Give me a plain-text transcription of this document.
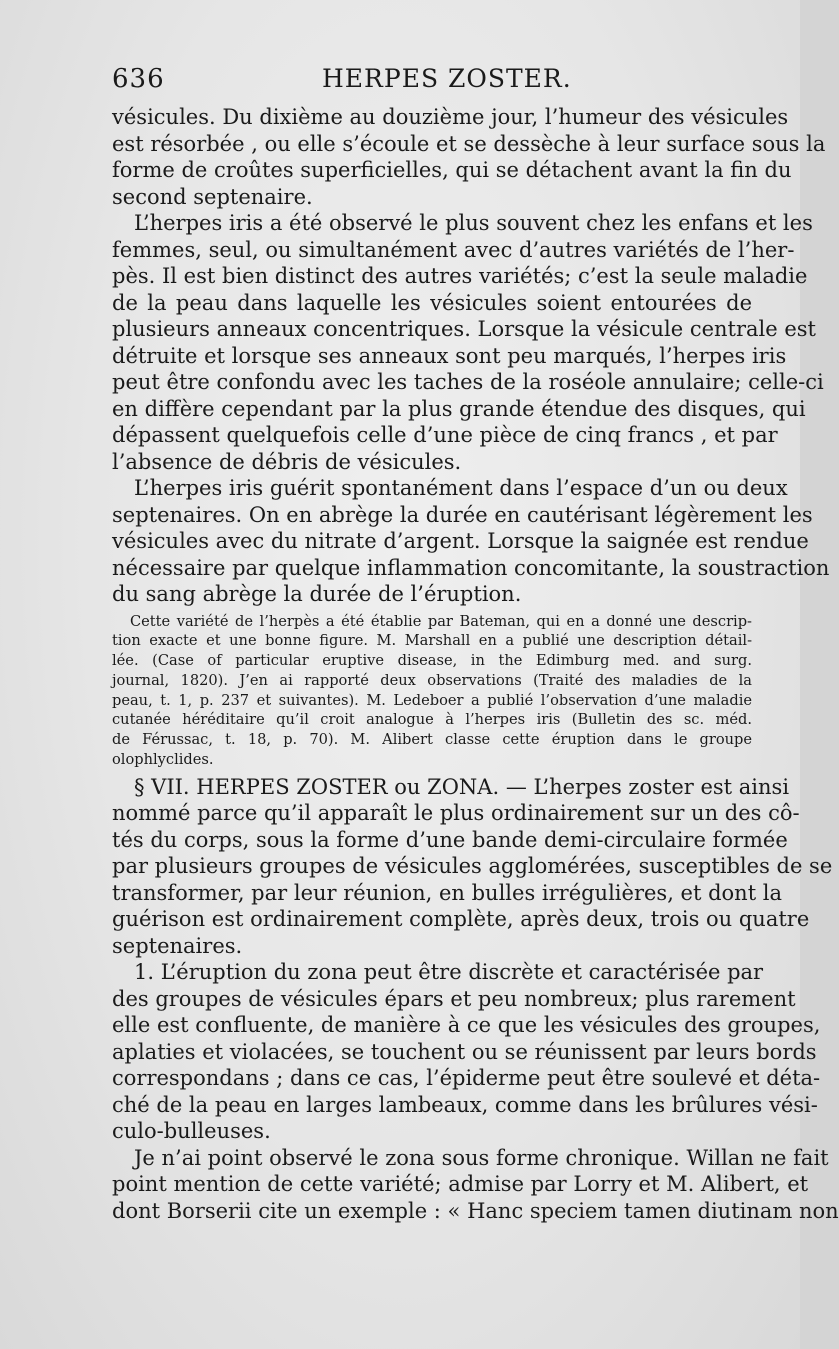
636	HERPES ZOSTER.

vésicules. Du dixième au douzième jour, l’humeur des vésicules

est résorbée , ou elle s’écoule et se dessèche à leur surface sous la

forme de croûtes superficielles, qui se détachent avant la fin du

second septenaire.

L’herpes iris a été observé le plus souvent chez les enfans et les

femmes, seul, ou simultanément avec d’autres variétés de l’her-

pès. Il est bien distinct des autres variétés; c’est la seule maladie

de la peau dans laquelle les vésicules soient entourées de

plusieurs anneaux concentriques. Lorsque la vésicule centrale est

détruite et lorsque ses anneaux sont peu marqués, l’herpes iris

peut être confondu avec les taches de la roséole annulaire; celle-ci

en diffère cependant par la plus grande étendue des disques, qui

dépassent quelquefois celle d’une pièce de cinq francs , et par

l’absence de débris de vésicules.

L’herpes iris guérit spontanément dans l’espace d’un ou deux

septenaires. On en abrège la durée en cautérisant légèrement les

vésicules avec du nitrate d’argent. Lorsque la saignée est rendue

nécessaire par quelque inflammation concomitante, la soustraction

du sang abrège la durée de l’éruption.

Cette variété de l’herpès a été établie par Bateman, qui en a donné une descrip-

tion exacte et une bonne figure. M. Marshall en a publié une description détail-

lée. (Case of particular eruptive disease, in the Edimburg med. and surg.

journal, 1820). J’en ai rapporté deux observations (Traité des maladies de la

peau, t. 1, p. 237 et suivantes). M. Ledeboer a publié l’observation d’une maladie

cutanée héréditaire qu’il croit analogue à l’herpes iris (Bulletin des sc. méd.

de Férussac, t. 18, p. 70). M. Alibert classe cette éruption dans le groupe

olophlyclides.

§ VII. HERPES ZOSTER ou ZONA. — L’herpes zoster est ainsi

nommé parce qu’il apparaît le plus ordinairement sur un des cô-

tés du corps, sous la forme d’une bande demi-circulaire formée

par plusieurs groupes de vésicules agglomérées, susceptibles de se

transformer, par leur réunion, en bulles irrégulières, et dont la

guérison est ordinairement complète, après deux, trois ou quatre

septenaires.

1. L’éruption du zona peut être discrète et caractérisée par

des groupes de vésicules épars et peu nombreux; plus rarement

elle est confluente, de manière à ce que les vésicules des groupes,

aplaties et violacées, se touchent ou se réunissent par leurs bords

correspondans ; dans ce cas, l’épiderme peut être soulevé et déta-

ché de la peau en larges lambeaux, comme dans les brûlures vési-

culo-bulleuses.

Je n’ai point observé le zona sous forme chronique. Willan ne fait

point mention de cette variété; admise par Lorry et M. Alibert, et

dont Borserii cite un exemple : « Hanc speciem tamen diutinam non
